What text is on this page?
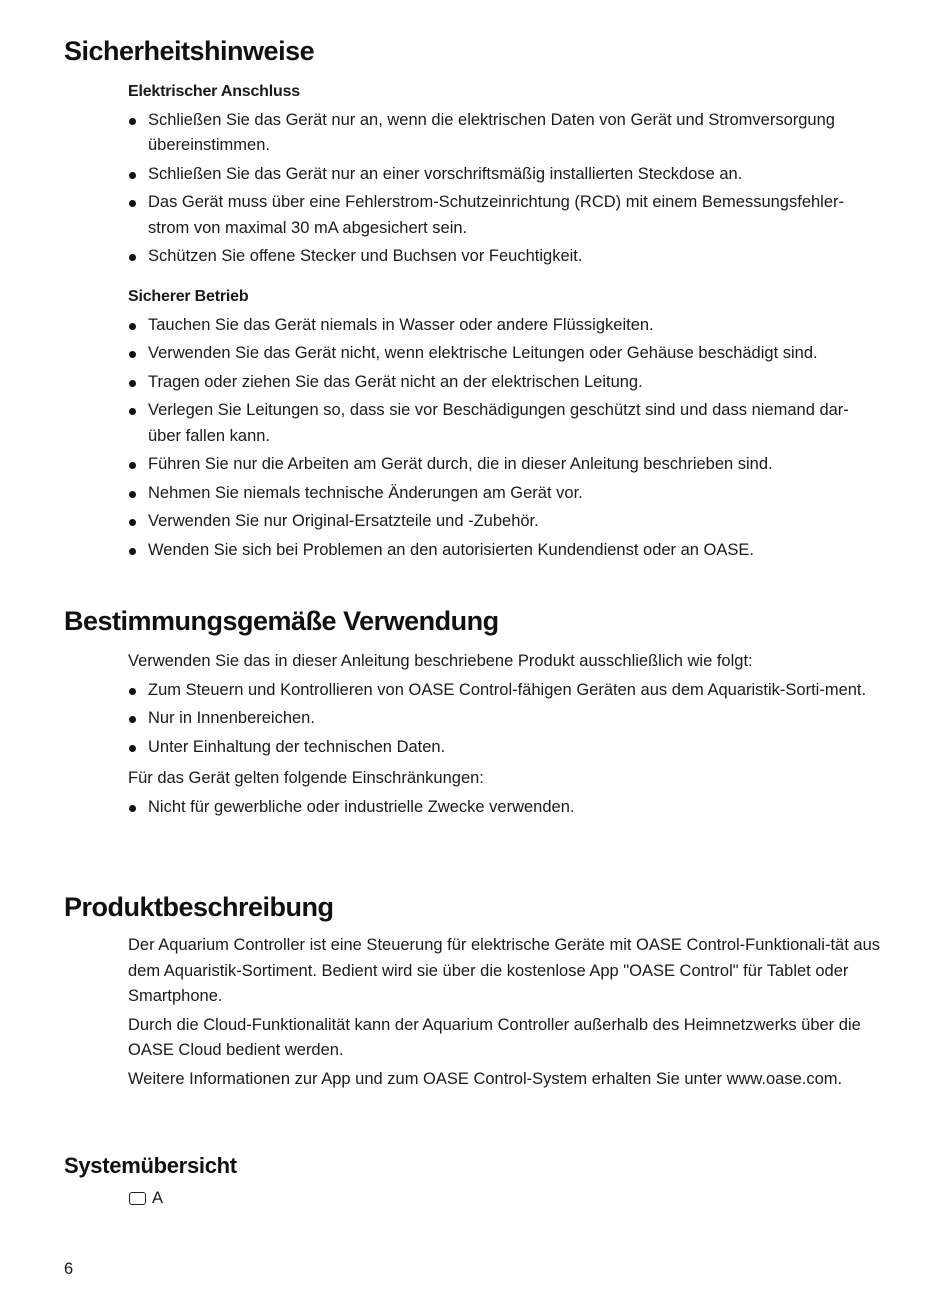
Sicherheitshinweise
Elektrischer Anschluss
Schließen Sie das Gerät nur an, wenn die elektrischen Daten von Gerät und Stromversorgung übereinstimmen.
Schließen Sie das Gerät nur an einer vorschriftsmäßig installierten Steckdose an.
Das Gerät muss über eine Fehlerstrom-Schutzeinrichtung (RCD) mit einem Bemessungsfehler-strom von maximal 30 mA abgesichert sein.
Schützen Sie offene Stecker und Buchsen vor Feuchtigkeit.
Sicherer Betrieb
Tauchen Sie das Gerät niemals in Wasser oder andere Flüssigkeiten.
Verwenden Sie das Gerät nicht, wenn elektrische Leitungen oder Gehäuse beschädigt sind.
Tragen oder ziehen Sie das Gerät nicht an der elektrischen Leitung.
Verlegen Sie Leitungen so, dass sie vor Beschädigungen geschützt sind und dass niemand dar-über fallen kann.
Führen Sie nur die Arbeiten am Gerät durch, die in dieser Anleitung beschrieben sind.
Nehmen Sie niemals technische Änderungen am Gerät vor.
Verwenden Sie nur Original-Ersatzteile und -Zubehör.
Wenden Sie sich bei Problemen an den autorisierten Kundendienst oder an OASE.
Bestimmungsgemäße Verwendung

Verwenden Sie das in dieser Anleitung beschriebene Produkt ausschließlich wie folgt:

Zum Steuern und Kontrollieren von OASE Control-fähigen Geräten aus dem Aquaristik-Sorti-ment.
Nur in Innenbereichen.
Unter Einhaltung der technischen Daten.

Für das Gerät gelten folgende Einschränkungen:

Nicht für gewerbliche oder industrielle Zwecke verwenden.
Produktbeschreibung

Der Aquarium Controller ist eine Steuerung für elektrische Geräte mit OASE Control-Funktionali-tät aus dem Aquaristik-Sortiment. Bedient wird sie über die kostenlose App "OASE Control" für Tablet oder Smartphone.

Durch die Cloud-Funktionalität kann der Aquarium Controller außerhalb des Heimnetzwerks über die OASE Cloud bedient werden.

Weitere Informationen zur App und zum OASE Control-System erhalten Sie unter www.oase.com.

Systemübersicht
A
6
